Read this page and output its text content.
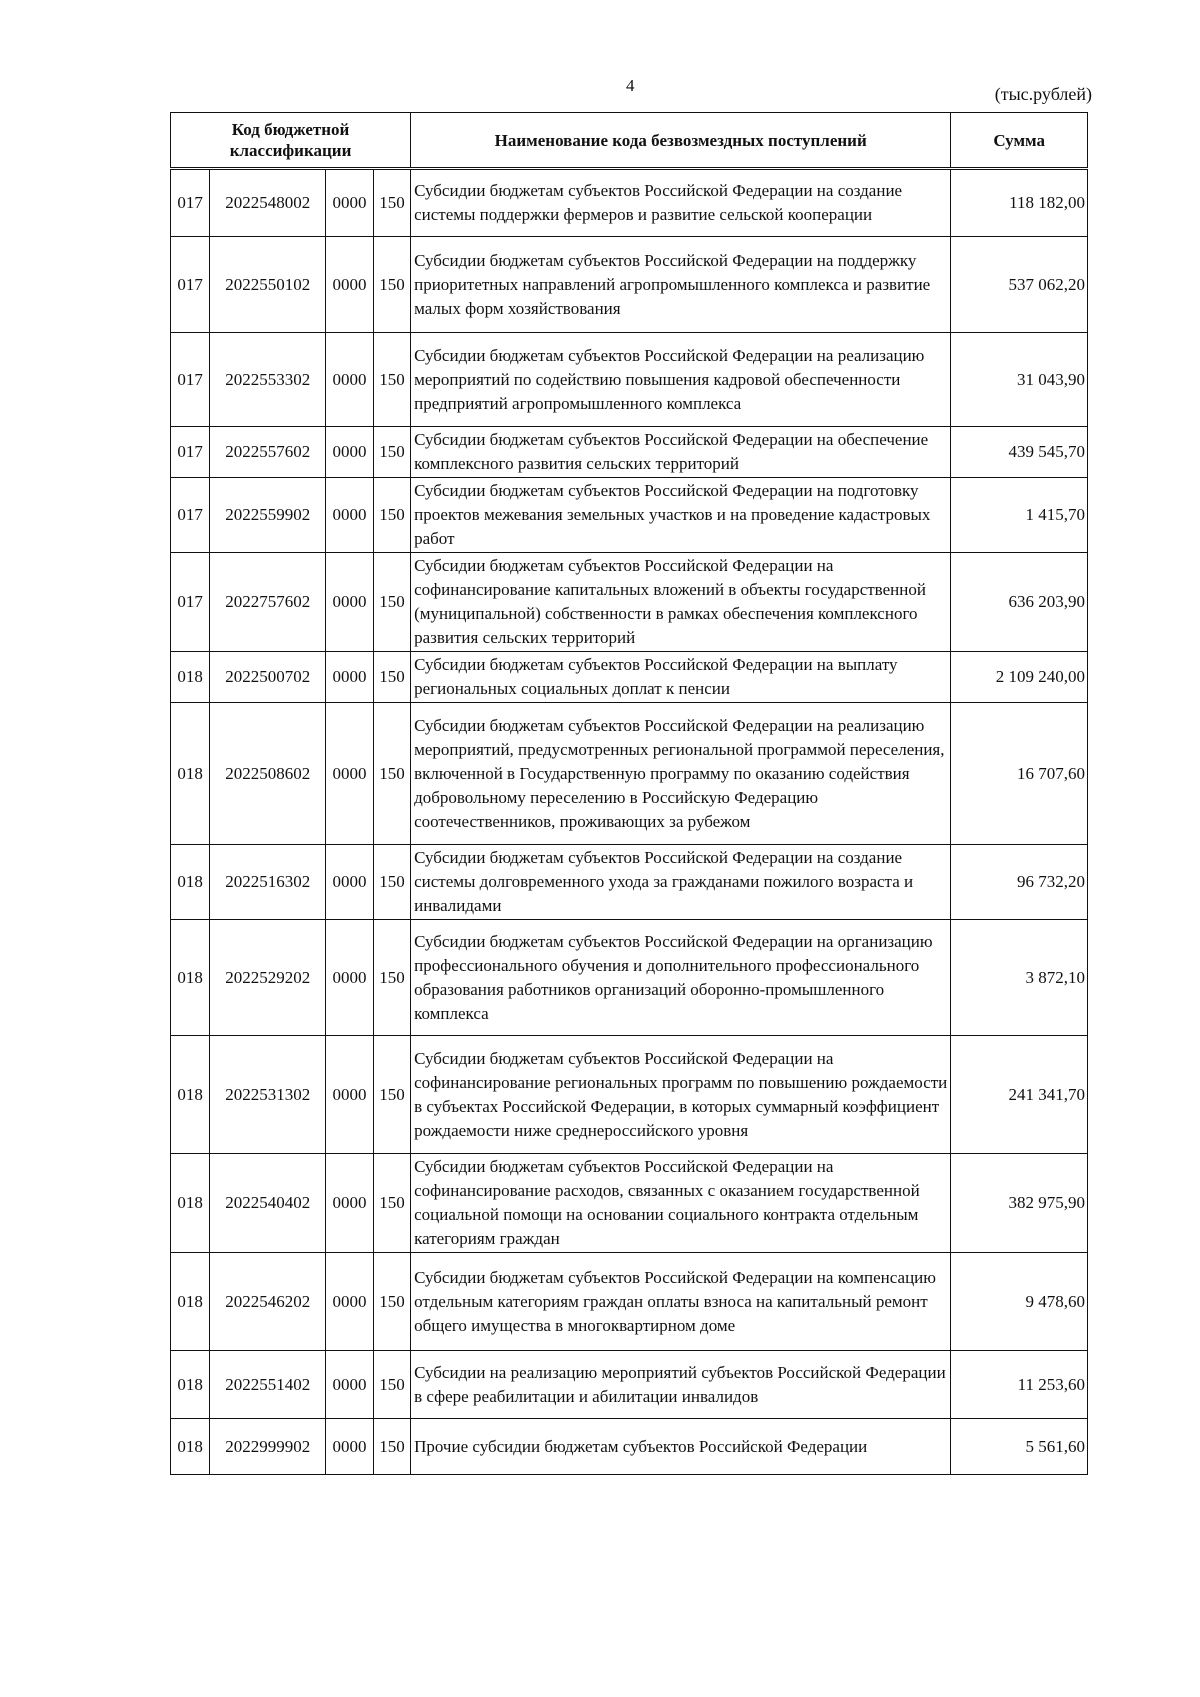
4	(тыс.рублей)
Код бюджетной классификации				Наименование кода безвозмездных поступлений	Сумма
017	2022548002	0000	150	Субсидии бюджетам субъектов Российской Федерации на создание системы поддержки фермеров и развитие сельской кооперации	118 182,00
017	2022550102	0000	150	Субсидии бюджетам субъектов Российской Федерации на поддержку приоритетных направлений агропромышленного комплекса и развитие малых форм хозяйствования	537 062,20
017	2022553302	0000	150	Субсидии бюджетам субъектов Российской Федерации на реализацию мероприятий по содействию повышения кадровой обеспеченности предприятий агропромышленного комплекса	31 043,90
017	2022557602	0000	150	Субсидии бюджетам субъектов Российской Федерации на обеспечение комплексного развития сельских территорий	439 545,70
017	2022559902	0000	150	Субсидии бюджетам субъектов Российской Федерации на подготовку проектов межевания земельных участков и на проведение кадастровых работ	1 415,70
017	2022757602	0000	150	Субсидии бюджетам субъектов Российской Федерации на софинансирование капитальных вложений в объекты государственной (муниципальной) собственности в рамках обеспечения комплексного развития сельских территорий	636 203,90
018	2022500702	0000	150	Субсидии бюджетам субъектов Российской Федерации на выплату региональных социальных доплат к пенсии	2 109 240,00
018	2022508602	0000	150	Субсидии бюджетам субъектов Российской Федерации на реализацию мероприятий, предусмотренных региональной программой переселения, включенной в Государственную программу по оказанию содействия добровольному переселению в Российскую Федерацию соотечественников, проживающих за рубежом	16 707,60
018	2022516302	0000	150	Субсидии бюджетам субъектов Российской Федерации на создание системы долговременного ухода за гражданами пожилого возраста и инвалидами	96 732,20
018	2022529202	0000	150	Субсидии бюджетам субъектов Российской Федерации на организацию профессионального обучения и дополнительного профессионального образования работников организаций оборонно-промышленного комплекса	3 872,10
018	2022531302	0000	150	Субсидии бюджетам субъектов Российской Федерации на софинансирование региональных программ по повышению рождаемости в субъектах Российской Федерации, в которых суммарный коэффициент рождаемости ниже среднероссийского уровня	241 341,70
018	2022540402	0000	150	Субсидии бюджетам субъектов Российской Федерации на софинансирование расходов, связанных с оказанием государственной социальной помощи на основании социального контракта отдельным категориям граждан	382 975,90
018	2022546202	0000	150	Субсидии бюджетам субъектов Российской Федерации на компенсацию отдельным категориям граждан оплаты взноса на капитальный ремонт общего имущества в многоквартирном доме	9 478,60
018	2022551402	0000	150	Субсидии на реализацию мероприятий субъектов Российской Федерации в сфере реабилитации и абилитации инвалидов	11 253,60
018	2022999902	0000	150	Прочие субсидии бюджетам субъектов Российской Федерации	5 561,60
